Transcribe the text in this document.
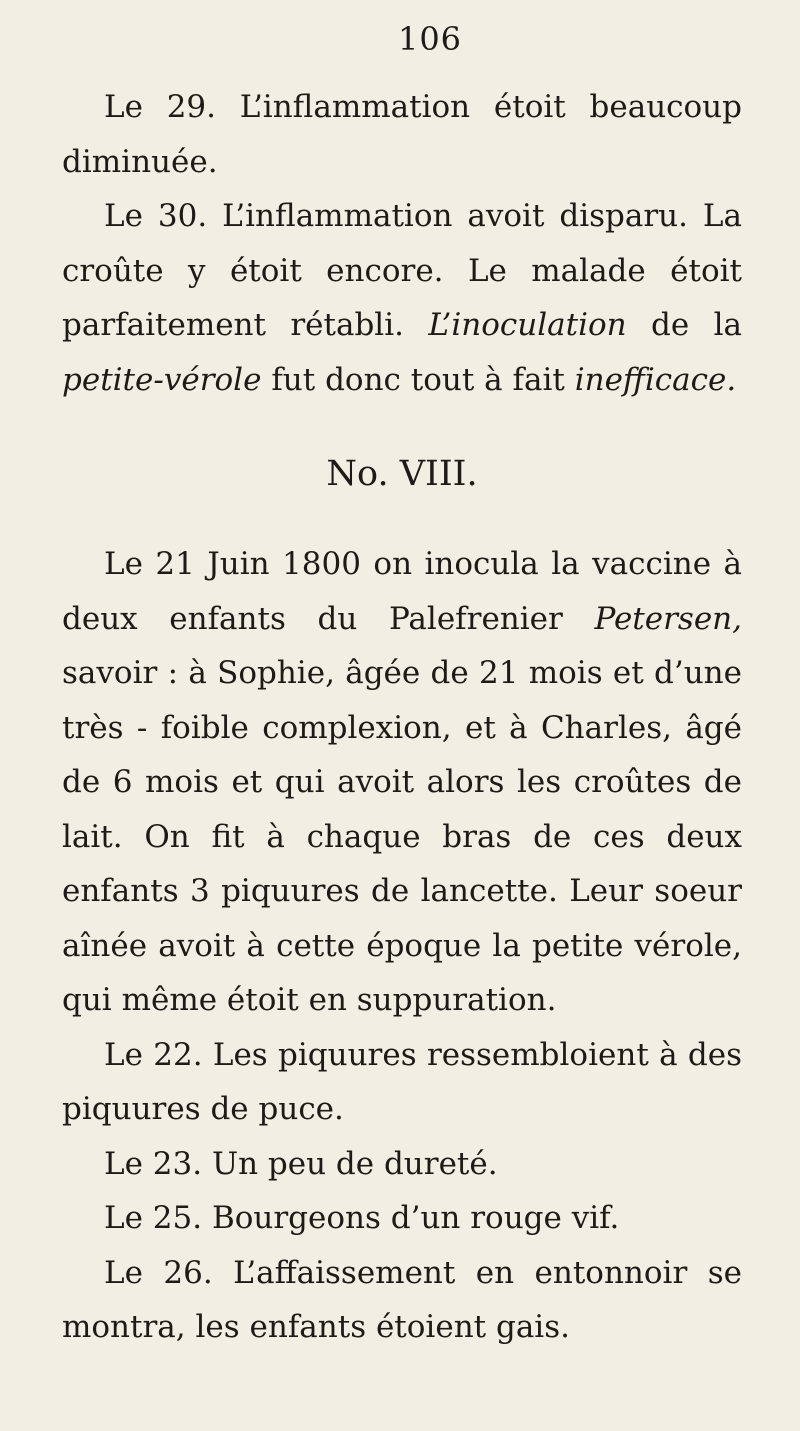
106

Le 29. L’inflammation étoit beaucoup diminuée.

Le 30. L’inflammation avoit disparu. La croûte y étoit encore. Le malade étoit parfaitement rétabli. L’inoculation de la petite-vérole fut donc tout à fait inefficace.

No. VIII.

Le 21 Juin 1800 on inocula la vaccine à deux enfants du Palefrenier Petersen, savoir : à Sophie, âgée de 21 mois et d’une très - foible complexion, et à Charles, âgé de 6 mois et qui avoit alors les croûtes de lait. On fit à chaque bras de ces deux enfants 3 piquures de lancette. Leur soeur aînée avoit à cette époque la petite vérole, qui même étoit en suppuration.

Le 22. Les piquures ressembloient à des piquures de puce.

Le 23. Un peu de dureté.

Le 25. Bourgeons d’un rouge vif.

Le 26. L’affaissement en entonnoir se montra, les enfants étoient gais.
